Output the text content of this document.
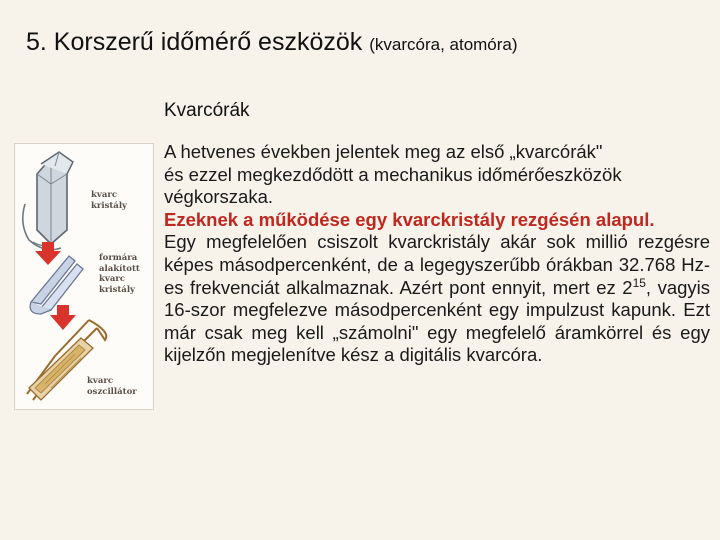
5. Korszerű időmérő eszközök (kvarcóra, atomóra)
Kvarcórák
kvarc
kristály
formára
alakított
kvarc
kristály
kvarc
oszcillátor
A hetvenes években jelentek meg az első „kvarcórák"
és ezzel megkezdődött a mechanikus időmérőeszközök
végkorszaka.
Ezeknek a működése egy kvarckristály rezgésén alapul.
Egy megfelelően csiszolt kvarckristály akár sok millió rezgésre képes másodpercenként, de a legegyszerűbb órákban 32.768 Hz-es frekvenciát alkalmaznak. Azért pont ennyit, mert ez $2^{15}$, vagyis 16-szor megfelezve másodpercenként egy impulzust kapunk. Ezt már csak meg kell „számolni" egy megfelelő áramkörrel és egy kijelzőn megjelenítve kész a digitális kvarcóra.
